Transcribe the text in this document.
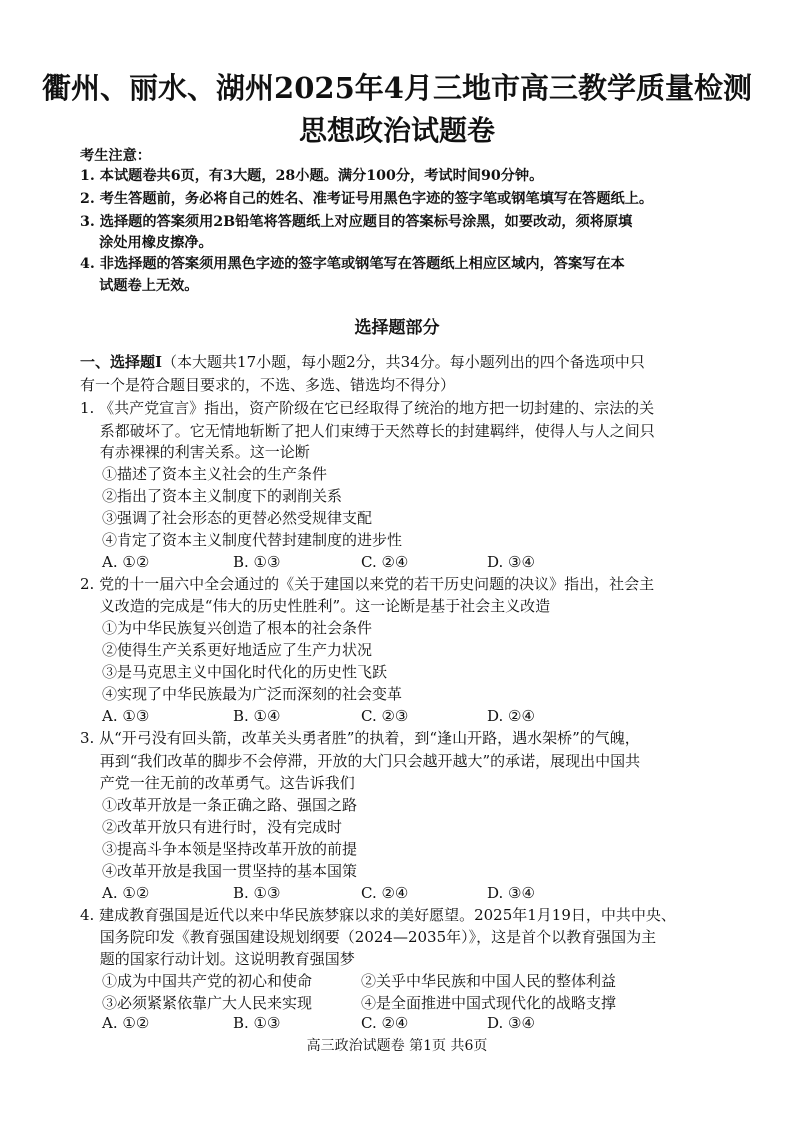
衢州、丽水、湖州2025年4月三地市高三教学质量检测
思想政治试题卷
考生注意：
1. 本试题卷共6页，有3大题，28小题。满分100分，考试时间90分钟。
2. 考生答题前，务必将自己的姓名、准考证号用黑色字迹的签字笔或钢笔填写在答题纸上。
3. 选择题的答案须用2B铅笔将答题纸上对应题目的答案标号涂黑，如要改动，须将原填
　 涂处用橡皮擦净。
4. 非选择题的答案须用黑色字迹的签字笔或钢笔写在答题纸上相应区域内，答案写在本
　 试题卷上无效。
选择题部分
一、选择题Ⅰ（本大题共17小题，每小题2分，共34分。每小题列出的四个备选项中只
有一个是符合题目要求的，不选、多选、错选均不得分）
1. 《共产党宣言》指出，资产阶级在它已经取得了统治的地方把一切封建的、宗法的关
　 系都破坏了。它无情地斩断了把人们束缚于天然尊长的封建羁绊，使得人与人之间只
　 有赤裸裸的利害关系。这一论断
①描述了资本主义社会的生产条件
②指出了资本主义制度下的剥削关系
③强调了社会形态的更替必然受规律支配
④肯定了资本主义制度代替封建制度的进步性
A. ①②	B. ①③	C. ②④	D. ③④
2. 党的十一届六中全会通过的《关于建国以来党的若干历史问题的决议》指出，社会主
　 义改造的完成是“伟大的历史性胜利”。这一论断是基于社会主义改造
①为中华民族复兴创造了根本的社会条件
②使得生产关系更好地适应了生产力状况
③是马克思主义中国化时代化的历史性飞跃
④实现了中华民族最为广泛而深刻的社会变革
A. ①③	B. ①④	C. ②③	D. ②④
3. 从“开弓没有回头箭，改革关头勇者胜”的执着，到“逢山开路，遇水架桥”的气魄，
　 再到“我们改革的脚步不会停滞，开放的大门只会越开越大”的承诺，展现出中国共
　 产党一往无前的改革勇气。这告诉我们
①改革开放是一条正确之路、强国之路
②改革开放只有进行时，没有完成时
③提高斗争本领是坚持改革开放的前提
④改革开放是我国一贯坚持的基本国策
A. ①②	B. ①③	C. ②④	D. ③④
4. 建成教育强国是近代以来中华民族梦寐以求的美好愿望。2025年1月19日，中共中央、
　 国务院印发《教育强国建设规划纲要（2024—2035年）》，这是首个以教育强国为主
　 题的国家行动计划。这说明教育强国梦
①成为中国共产党的初心和使命	②关乎中华民族和中国人民的整体利益
③必须紧紧依靠广大人民来实现	④是全面推进中国式现代化的战略支撑
A. ①②	B. ①③	C. ②④	D. ③④
高三政治试题卷 第1页 共6页
